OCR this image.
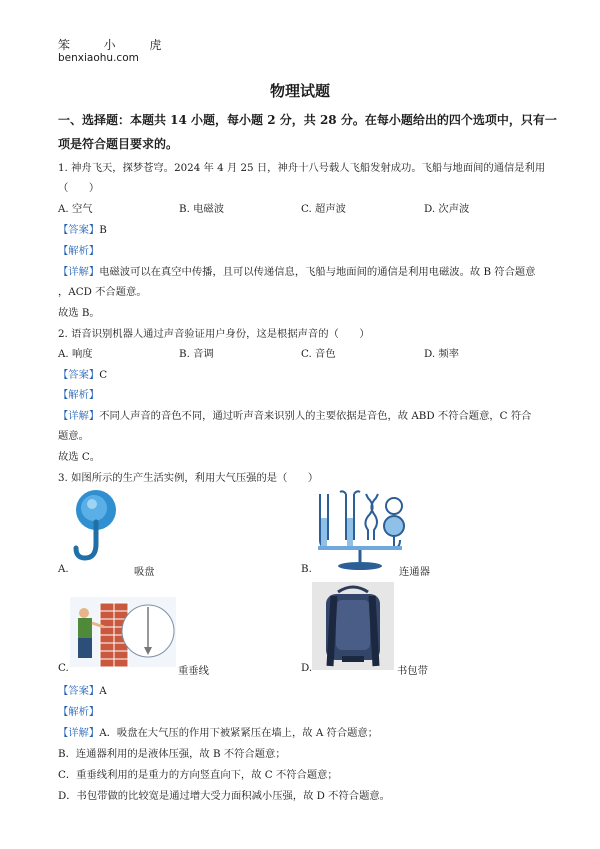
笨	小	虎
benxiaohu.com
物理试题
一、选择题：本题共 14 小题，每小题 2 分，共 28 分。在每小题给出的四个选项中，只有一
项是符合题目要求的。
1. 神舟飞天，探梦苍穹。2024 年 4 月 25 日，神舟十八号载人飞船发射成功。飞船与地面间的通信是利用
（　　）
A. 空气	B. 电磁波	C. 超声波	D. 次声波
【答案】B
【解析】
【详解】电磁波可以在真空中传播，且可以传递信息，飞船与地面间的通信是利用电磁波。故 B 符合题意
，ACD 不合题意。
故选 B。
2. 语音识别机器人通过声音验证用户身份，这是根据声音的（　　）
A. 响度	B. 音调	C. 音色	D. 频率
【答案】C
【解析】
【详解】不同人声音的音色不同，通过听声音来识别人的主要依据是音色，故 ABD 不符合题意，C 符合
题意。
故选 C。
3. 如图所示的生产生活实例，利用大气压强的是（　　）
A.	吸盘	B.	连通器
C.	重垂线	D.	书包带
【答案】A
【解析】
【详解】A．吸盘在大气压的作用下被紧紧压在墙上，故 A 符合题意；
B．连通器利用的是液体压强，故 B 不符合题意；
C．重垂线利用的是重力的方向竖直向下，故 C 不符合题意；
D．书包带做的比较宽是通过增大受力面积减小压强，故 D 不符合题意。
